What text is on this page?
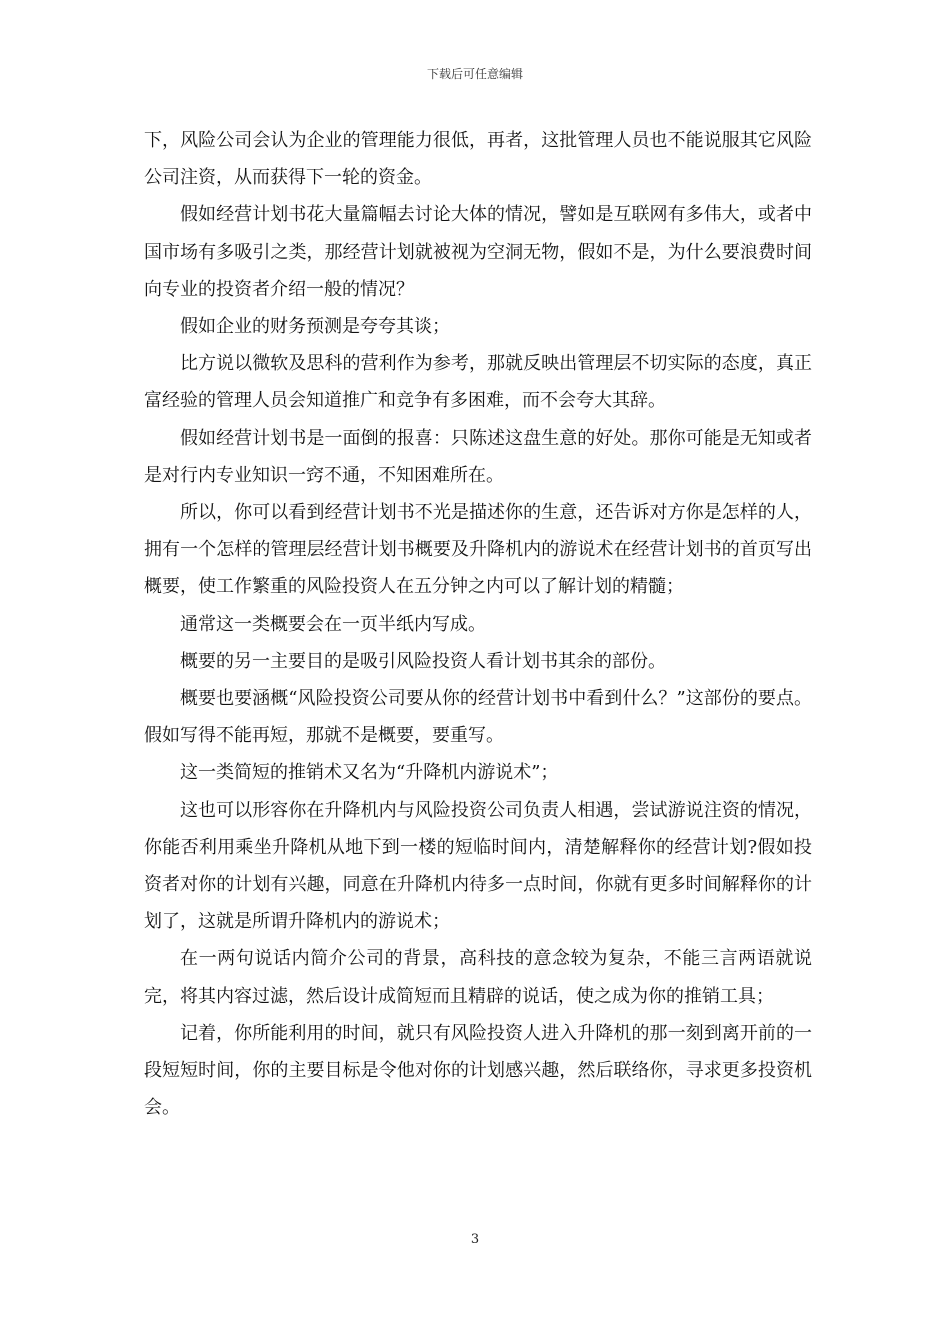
下载后可任意编辑

下，风险公司会认为企业的管理能力很低，再者，这批管理人员也不能说服其它风险公司注资，从而获得下一轮的资金。

假如经营计划书花大量篇幅去讨论大体的情况，譬如是互联网有多伟大，或者中国市场有多吸引之类，那经营计划就被视为空洞无物，假如不是，为什么要浪费时间向专业的投资者介绍一般的情况？

假如企业的财务预测是夸夸其谈；

比方说以微软及思科的营利作为参考，那就反映出管理层不切实际的态度，真正富经验的管理人员会知道推广和竞争有多困难，而不会夸大其辞。

假如经营计划书是一面倒的报喜：只陈述这盘生意的好处。那你可能是无知或者是对行内专业知识一窍不通，不知困难所在。

所以，你可以看到经营计划书不光是描述你的生意，还告诉对方你是怎样的人，拥有一个怎样的管理层经营计划书概要及升降机内的游说术在经营计划书的首页写出概要，使工作繁重的风险投资人在五分钟之内可以了解计划的精髓；

通常这一类概要会在一页半纸内写成。

概要的另一主要目的是吸引风险投资人看计划书其余的部份。

概要也要涵概“风险投资公司要从你的经营计划书中看到什么？”这部份的要点。假如写得不能再短，那就不是概要，要重写。

这一类简短的推销术又名为“升降机内游说术”；

这也可以形容你在升降机内与风险投资公司负责人相遇，尝试游说注资的情况，你能否利用乘坐升降机从地下到一楼的短临时间内，清楚解释你的经营计划?假如投资者对你的计划有兴趣，同意在升降机内待多一点时间，你就有更多时间解释你的计划了，这就是所谓升降机内的游说术；

在一两句说话内简介公司的背景，高科技的意念较为复杂，不能三言两语就说完，将其内容过滤，然后设计成简短而且精辟的说话，使之成为你的推销工具；

记着，你所能利用的时间，就只有风险投资人进入升降机的那一刻到离开前的一段短短时间，你的主要目标是令他对你的计划感兴趣，然后联络你，寻求更多投资机会。

3
